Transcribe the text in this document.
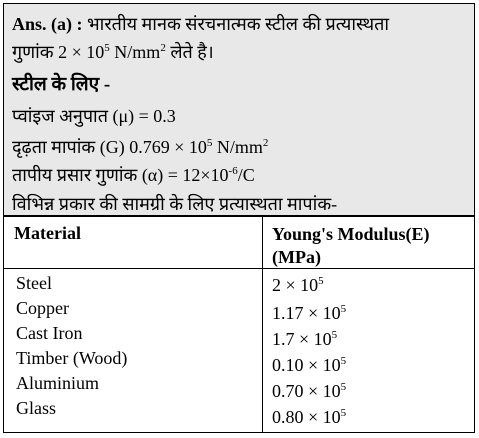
Ans. (a) : भारतीय मानक संरचनात्मक स्टील की प्रत्यास्थता
गुणांक $2 \times 10^5$ $N/mm^2$ लेते है।
स्टील के लिए -
प्वांइज अनुपात (μ) = 0.3
दृढ़ता मापांक (G) $0.769 \times 10^5$ $N/mm^2$
तापीय प्रसार गुणांक $(\alpha) = 12\times 10^{-6}/C$
विभिन्न प्रकार की सामग्री के लिए प्रत्यास्थता मापांक-
Material	Young's Modulus(E) (MPa)
Steel
Copper
Cast Iron
Timber (Wood)
Aluminium
Glass
$2 \times 10^5$
$1.17 \times 10^5$
$1.7 \times 10^5$
$0.10 \times 10^5$
$0.70 \times 10^5$
$0.80 \times 10^5$
